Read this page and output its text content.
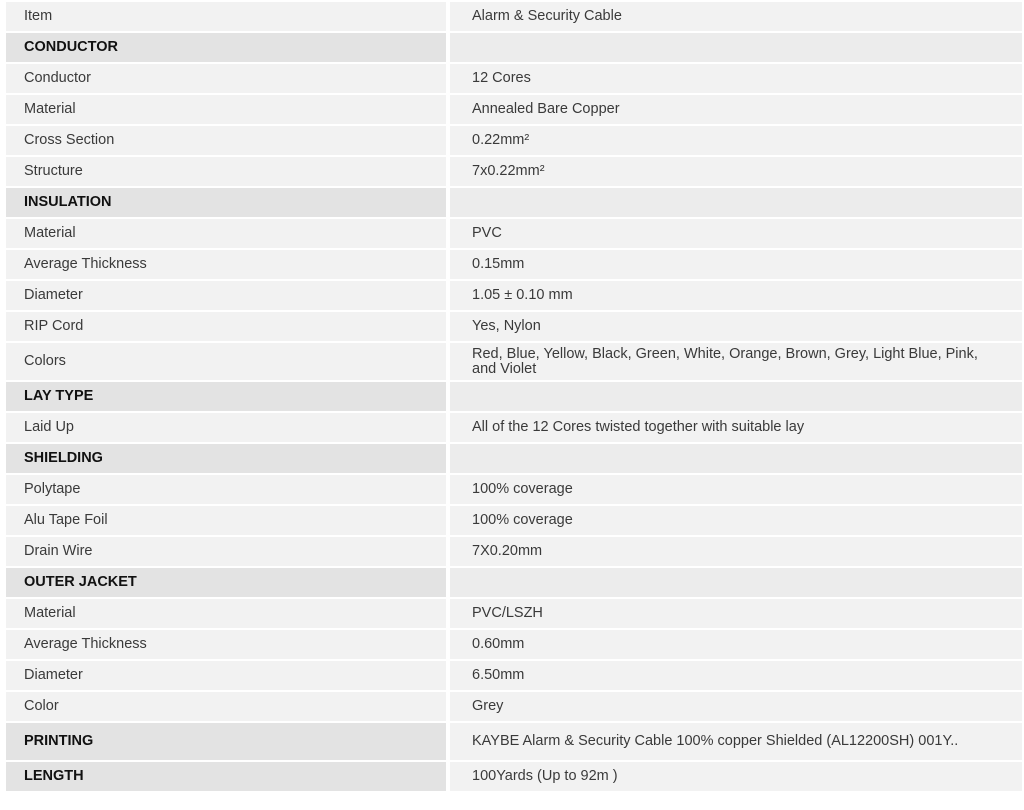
Item	Alarm & Security Cable
CONDUCTOR	
Conductor	12 Cores
Material	Annealed Bare Copper
Cross Section	0.22mm²
Structure	7x0.22mm²
INSULATION	
Material	PVC
Average Thickness	0.15mm
Diameter	1.05 ± 0.10 mm
RIP Cord	Yes, Nylon
Colors	Red, Blue, Yellow, Black, Green, White, Orange, Brown, Grey, Light Blue, Pink, and Violet
LAY TYPE	
Laid Up	All of the 12 Cores twisted together with suitable lay
SHIELDING	
Polytape	100% coverage
Alu Tape Foil	100% coverage
Drain Wire	7X0.20mm
OUTER JACKET	
Material	PVC/LSZH
Average Thickness	0.60mm
Diameter	6.50mm
Color	Grey
PRINTING	KAYBE Alarm & Security Cable 100% copper Shielded (AL12200SH) 001Y..
LENGTH	100Yards (Up to 92m )
